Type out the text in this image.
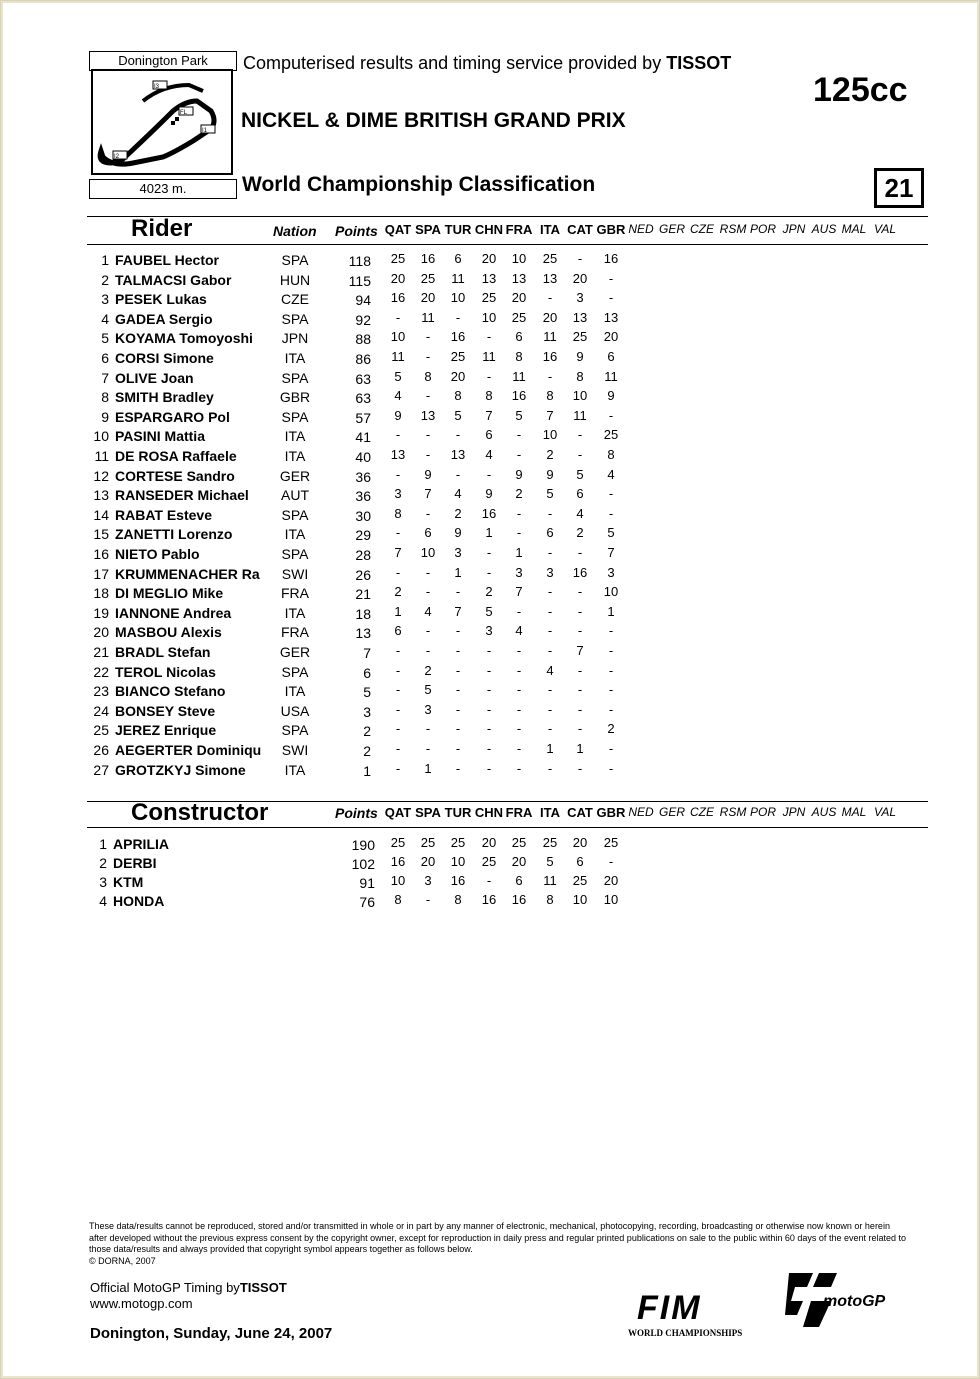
Donington Park
I3
FL
I1
I2
4023 m.
Computerised results and timing service provided by TISSOT
NICKEL & DIME BRITISH GRAND PRIX
World Championship Classification
125cc
21
Rider	Nation Points QAT SPA TUR CHN FRA ITA CAT GBR NED GER CZE RSM POR JPN AUS MAL VAL
1 FAUBEL Hector	SPA	118	25	16	6	20	10	25	-	16
2 TALMACSI Gabor	HUN	115	20	25	11	13	13	13	20	-
3 PESEK Lukas	CZE	94	16	20	10	25	20	-	3	-
4 GADEA Sergio	SPA	92	-	11	-	10	25	20	13	13
5 KOYAMA Tomoyoshi	JPN	88	10	-	16	-	6	11	25	20
6 CORSI Simone	ITA	86	11	-	25	11	8	16	9	6
7 OLIVE Joan	SPA	63	5	8	20	-	11	-	8	11
8 SMITH Bradley	GBR	63	4	-	8	8	16	8	10	9
9 ESPARGARO Pol	SPA	57	9	13	5	7	5	7	11	-
10 PASINI Mattia	ITA	41	-	-	-	6	-	10	-	25
11 DE ROSA Raffaele	ITA	40	13	-	13	4	-	2	-	8
12 CORTESE Sandro	GER	36	-	9	-	-	9	9	5	4
13 RANSEDER Michael	AUT	36	3	7	4	9	2	5	6	-
14 RABAT Esteve	SPA	30	8	-	2	16	-	-	4	-
15 ZANETTI Lorenzo	ITA	29	-	6	9	1	-	6	2	5
16 NIETO Pablo	SPA	28	7	10	3	-	1	-	-	7
17 KRUMMENACHER Ra	SWI	26	-	-	1	-	3	3	16	3
18 DI MEGLIO Mike	FRA	21	2	-	-	2	7	-	-	10
19 IANNONE Andrea	ITA	18	1	4	7	5	-	-	-	1
20 MASBOU Alexis	FRA	13	6	-	-	3	4	-	-	-
21 BRADL Stefan	GER	7	-	-	-	-	-	-	7	-
22 TEROL Nicolas	SPA	6	-	2	-	-	-	4	-	-
23 BIANCO Stefano	ITA	5	-	5	-	-	-	-	-	-
24 BONSEY Steve	USA	3	-	3	-	-	-	-	-	-
25 JEREZ Enrique	SPA	2	-	-	-	-	-	-	-	2
26 AEGERTER Dominiqu	SWI	2	-	-	-	-	-	1	1	-
27 GROTZKYJ Simone	ITA	1	-	1	-	-	-	-	-	-
Constructor	Points QAT SPA TUR CHN FRA ITA CAT GBR NED GER CZE RSM POR JPN AUS MAL VAL
1 APRILIA	190	25	25	25	20	25	25	20	25
2 DERBI	102	16	20	10	25	20	5	6	-
3 KTM	91	10	3	16	-	6	11	25	20
4 HONDA	76	8	-	8	16	16	8	10	10
These data/results cannot be reproduced, stored and/or transmitted in whole or in part by any manner of electronic, mechanical, photocopying, recording, broadcasting or otherwise now known or herein after developed without the previous express consent by the copyright owner, except for reproduction in daily press and regular printed publications on sale to the public within 60 days of the event related to those data/results and always provided that copyright symbol appears together as follows below.
© DORNA, 2007
Official MotoGP Timing byTISSOT
www.motogp.com
Donington, Sunday, June 24, 2007
FIM
WORLD CHAMPIONSHIPS
motoGP
